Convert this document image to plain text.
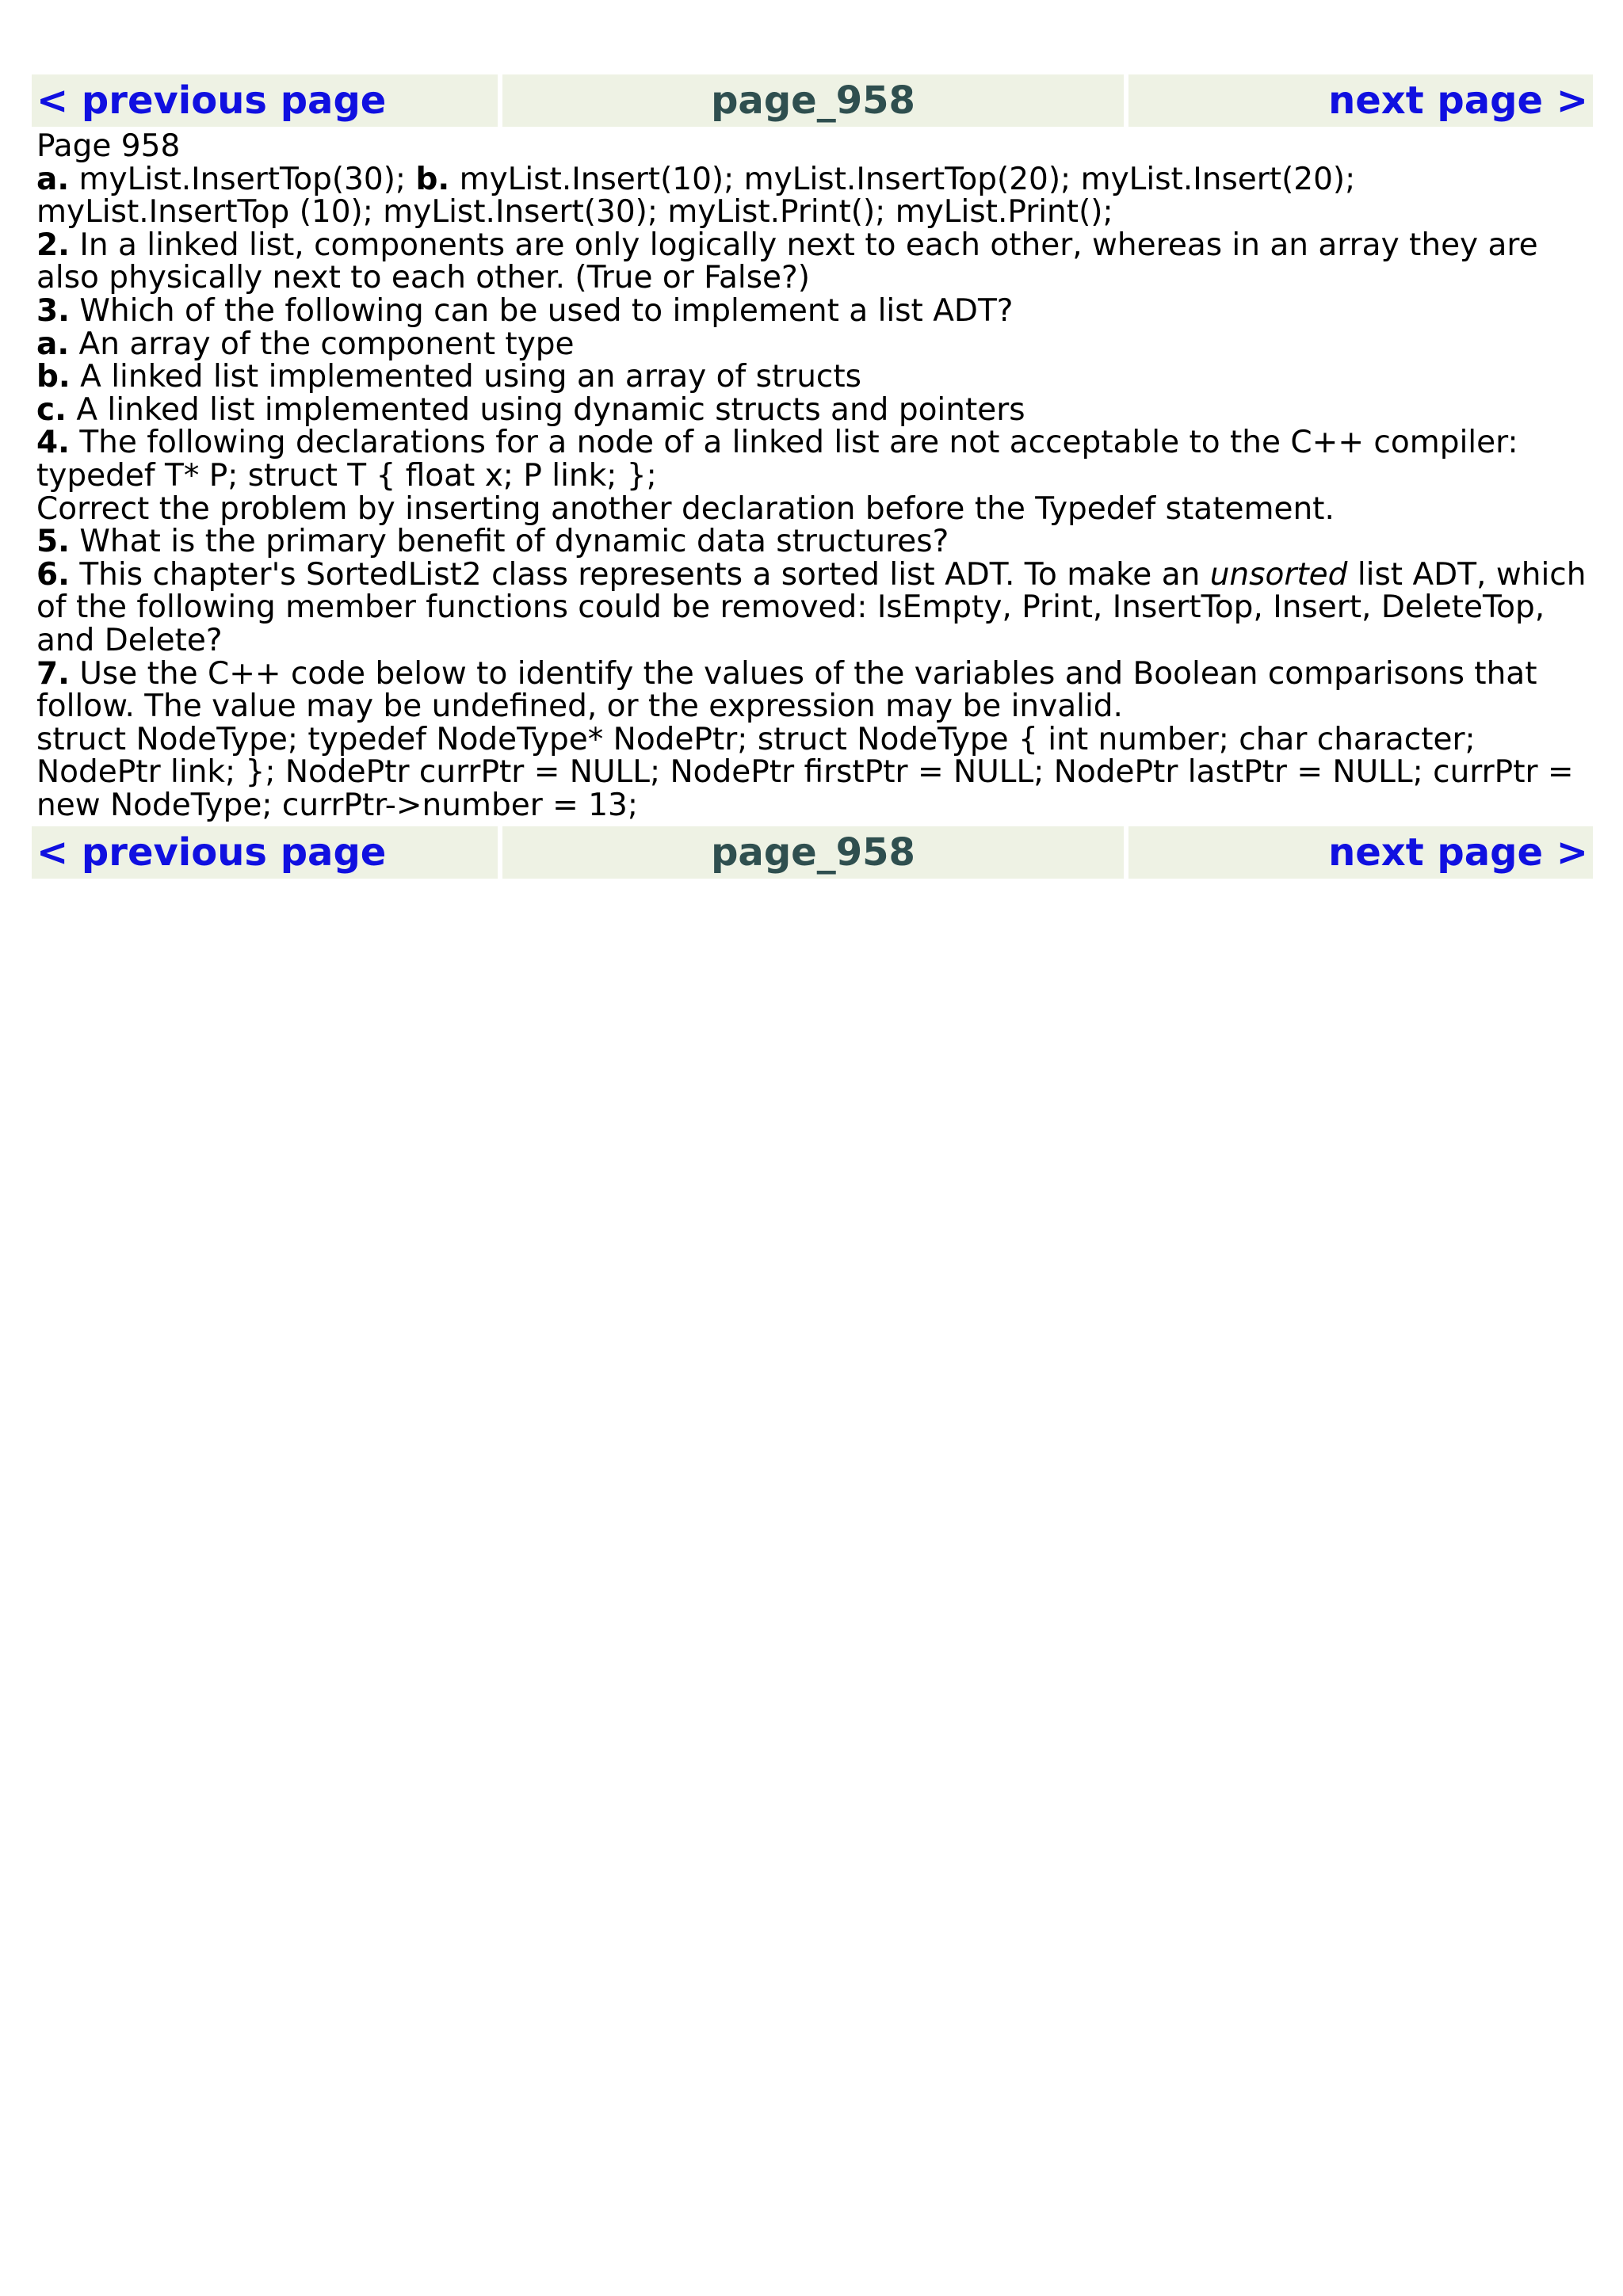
< previous page	page_958	next page >

Page 958

a. myList.InsertTop(30); b. myList.Insert(10); myList.InsertTop(20); myList.Insert(20); myList.InsertTop (10); myList.Insert(30); myList.Print(); myList.Print();

2. In a linked list, components are only logically next to each other, whereas in an array they are also physically next to each other. (True or False?)

3. Which of the following can be used to implement a list ADT?

a. An array of the component type

b. A linked list implemented using an array of structs

c. A linked list implemented using dynamic structs and pointers

4. The following declarations for a node of a linked list are not acceptable to the C++ compiler:

typedef T* P; struct T { float x; P link; };

Correct the problem by inserting another declaration before the Typedef statement.

5. What is the primary benefit of dynamic data structures?

6. This chapter's SortedList2 class represents a sorted list ADT. To make an unsorted list ADT, which of the following member functions could be removed: IsEmpty, Print, InsertTop, Insert, DeleteTop, and Delete?

7. Use the C++ code below to identify the values of the variables and Boolean comparisons that follow. The value may be undefined, or the expression may be invalid.

struct NodeType; typedef NodeType* NodePtr; struct NodeType { int number; char character; NodePtr link; }; NodePtr currPtr = NULL; NodePtr firstPtr = NULL; NodePtr lastPtr = NULL; currPtr = new NodeType; currPtr->number = 13;

< previous page	page_958	next page >
